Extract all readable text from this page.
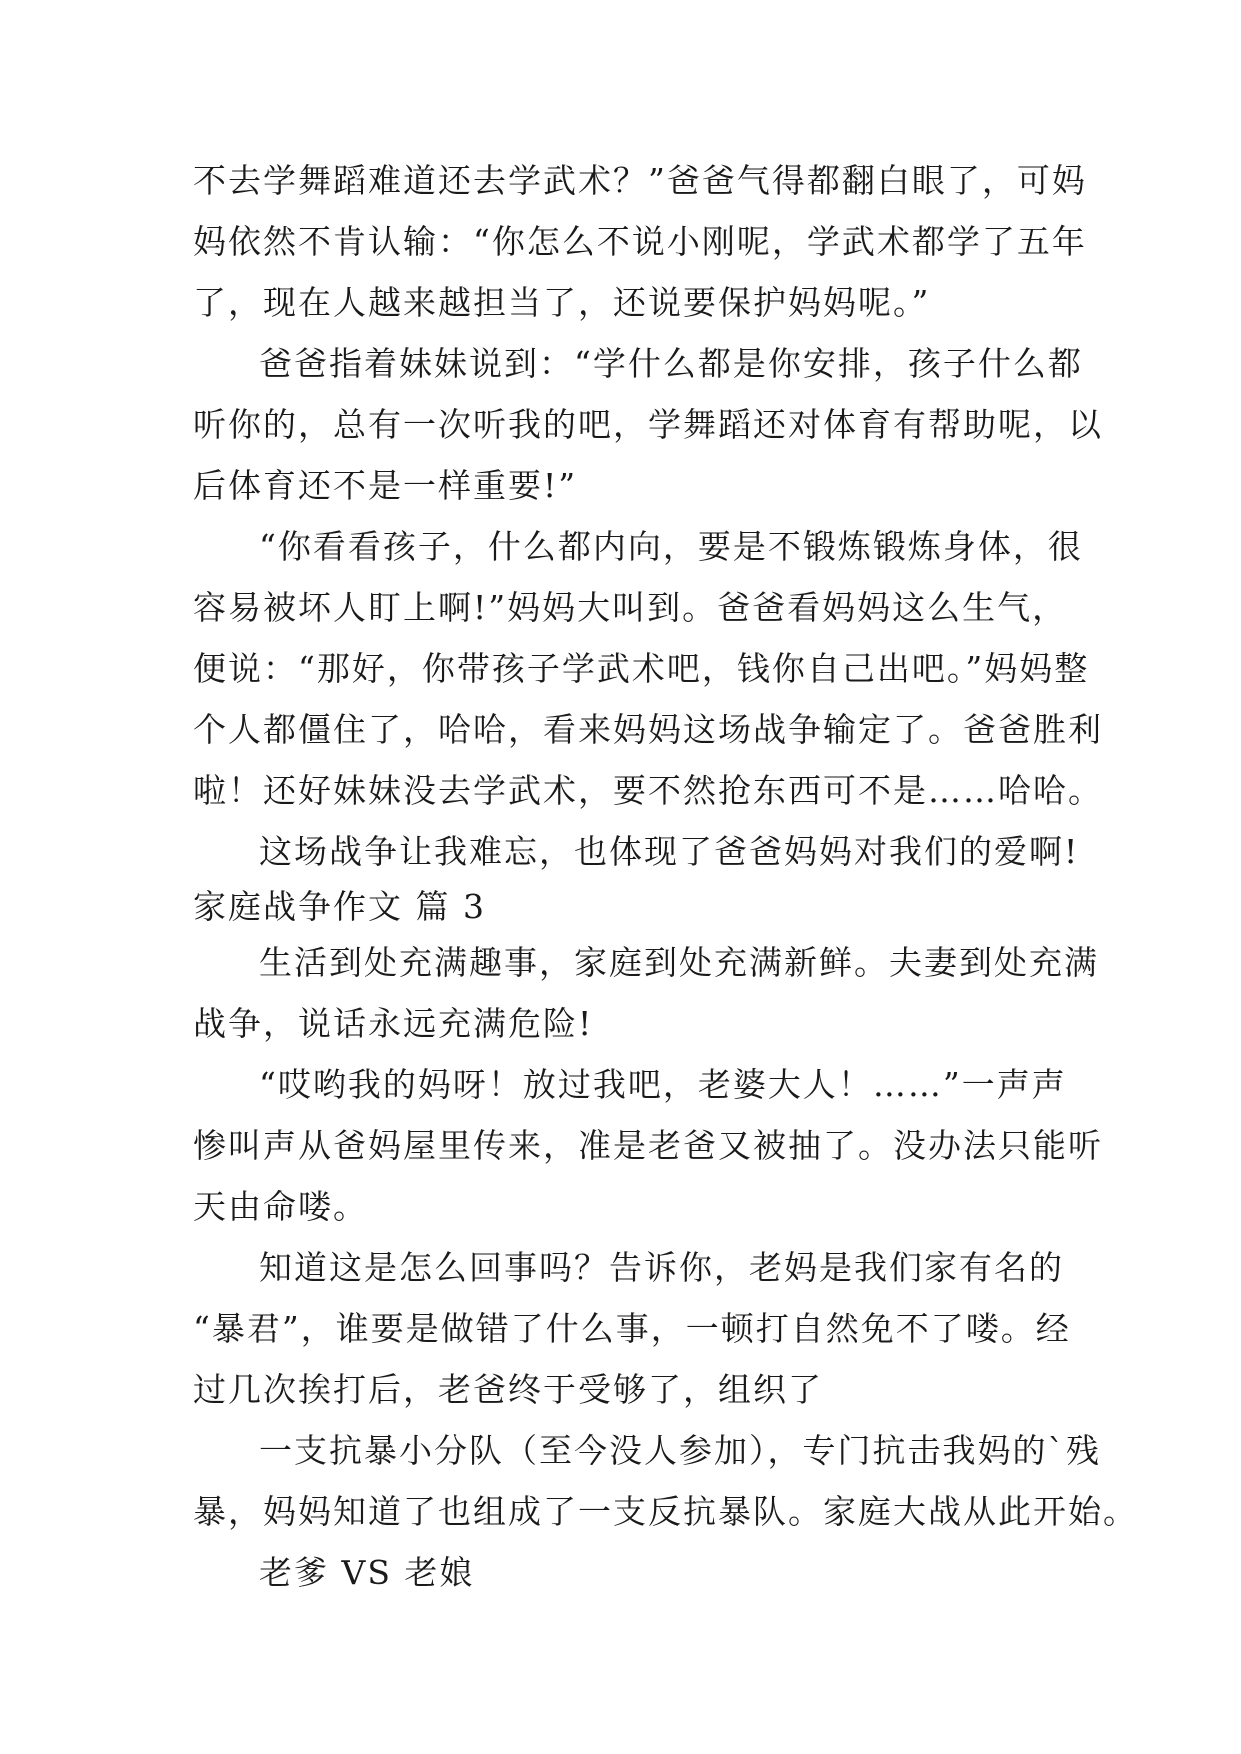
不去学舞蹈难道还去学武术？”爸爸气得都翻白眼了，可妈
妈依然不肯认输：“你怎么不说小刚呢，学武术都学了五年
了，现在人越来越担当了，还说要保护妈妈呢。”
爸爸指着妹妹说到：“学什么都是你安排，孩子什么都
听你的，总有一次听我的吧，学舞蹈还对体育有帮助呢，以
后体育还不是一样重要!”
“你看看孩子，什么都内向，要是不锻炼锻炼身体，很
容易被坏人盯上啊!”妈妈大叫到。爸爸看妈妈这么生气，
便说：“那好，你带孩子学武术吧，钱你自己出吧。”妈妈整
个人都僵住了，哈哈，看来妈妈这场战争输定了。爸爸胜利
啦！还好妹妹没去学武术，要不然抢东西可不是……哈哈。
这场战争让我难忘，也体现了爸爸妈妈对我们的爱啊!
家庭战争作文 篇 3
生活到处充满趣事，家庭到处充满新鲜。夫妻到处充满
战争，说话永远充满危险!
“哎哟我的妈呀！放过我吧，老婆大人！……”一声声
惨叫声从爸妈屋里传来，准是老爸又被抽了。没办法只能听
天由命喽。
知道这是怎么回事吗？告诉你，老妈是我们家有名的
“暴君”，谁要是做错了什么事，一顿打自然免不了喽。经
过几次挨打后，老爸终于受够了，组织了
一支抗暴小分队（至今没人参加），专门抗击我妈的`残
暴，妈妈知道了也组成了一支反抗暴队。家庭大战从此开始。
老爹 VS 老娘
